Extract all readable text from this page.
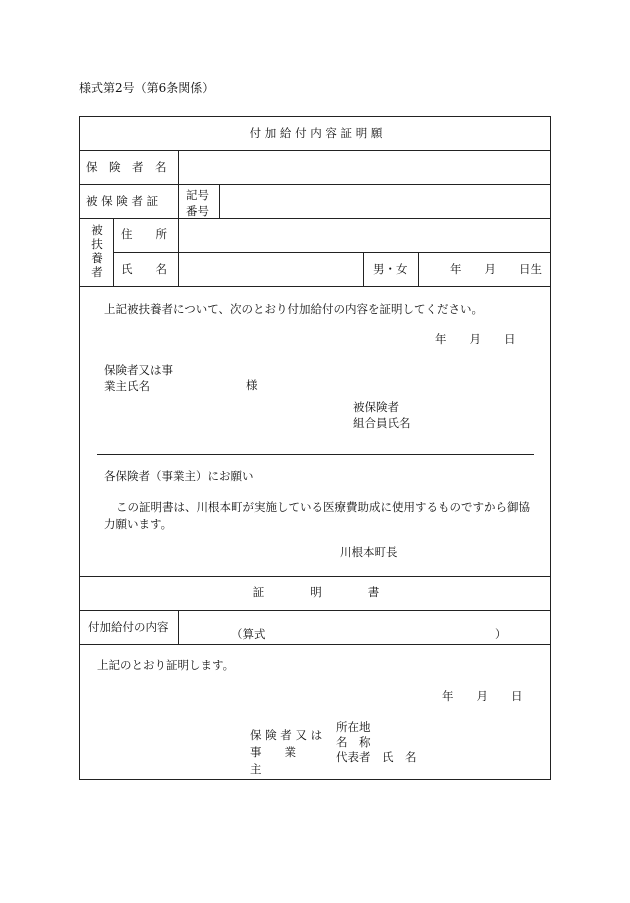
様式第2号（第6条関係）
付 加 給 付 内 容 証 明 願
保　険　者　名
被 保 険 者 証 記号
番号
被扶養者
住　　所
氏　　名	男・女	年　　月　　日生
上記被扶養者について、次のとおり付加給付の内容を証明してください。
年　　月　　日
保険者又は事
業主氏名	様
被保険者
組合員氏名
各保険者（事業主）にお願い
この証明書は、川根本町が実施している医療費助成に使用するものですから御協力願います。
川根本町長
証　　　　明　　　　書
付加給付の内容	（算式	）
上記のとおり証明します。
年　　月　　日
保 険 者 又 は
事　　業　　主
所在地
名　称
代表者　氏　名
